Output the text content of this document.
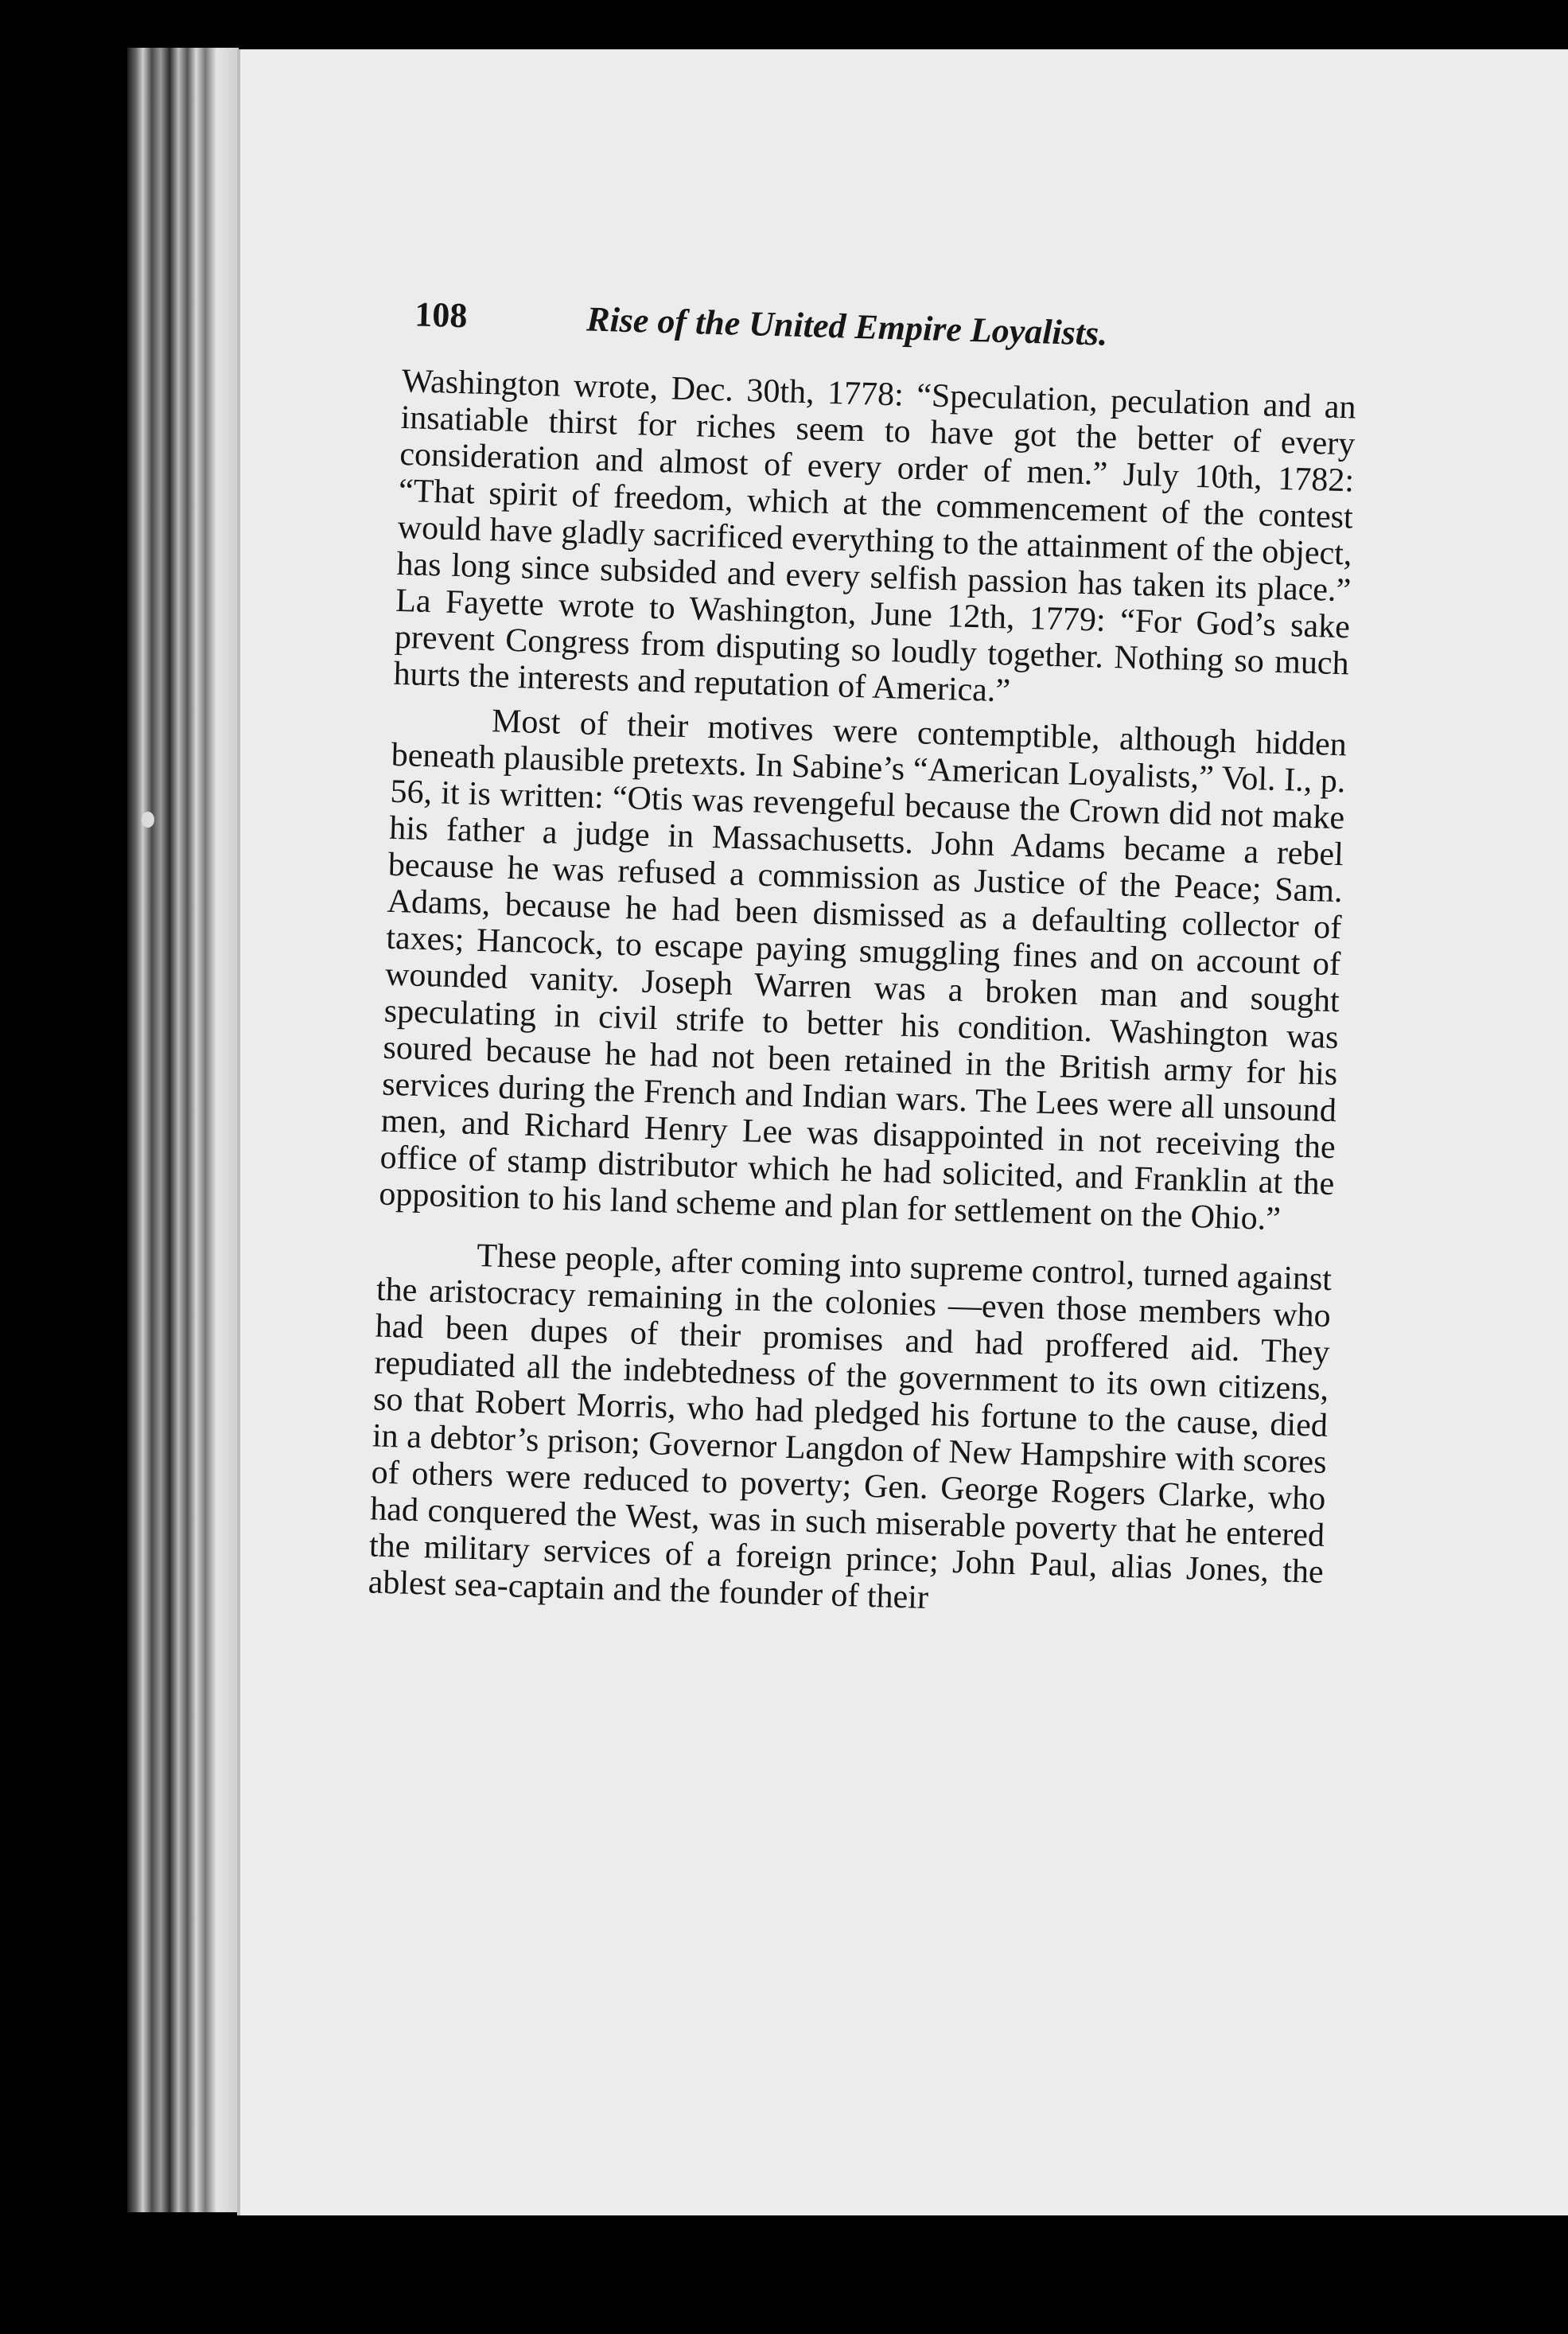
108	Rise of the United Empire Loyalists.

Washington wrote, Dec. 30th, 1778: “Speculation, peculation and an insatiable thirst for riches seem to have got the better of every consideration and almost of every order of men.” July 10th, 1782: “That spirit of freedom, which at the commencement of the contest would have gladly sacrificed everything to the attainment of the object, has long since subsided and every selfish passion has taken its place.” La Fayette wrote to Washington, June 12th, 1779: “For God’s sake prevent Congress from disputing so loudly together. Nothing so much hurts the interests and reputation of America.”

Most of their motives were contemptible, although hidden beneath plausible pretexts. In Sabine’s “American Loyalists,” Vol. I., p. 56, it is written: “Otis was revengeful because the Crown did not make his father a judge in Massachusetts. John Adams became a rebel because he was refused a commission as Justice of the Peace; Sam. Adams, because he had been dismissed as a defaulting collector of taxes; Hancock, to escape paying smuggling fines and on account of wounded vanity. Joseph Warren was a broken man and sought speculating in civil strife to better his condition. Washington was soured because he had not been retained in the British army for his services during the French and Indian wars. The Lees were all unsound men, and Richard Henry Lee was disappointed in not receiving the office of stamp distributor which he had solicited, and Franklin at the opposition to his land scheme and plan for settlement on the Ohio.”

These people, after coming into supreme control, turned against the aristocracy remaining in the colonies —even those members who had been dupes of their promises and had proffered aid. They repudiated all the indebtedness of the government to its own citizens, so that Robert Morris, who had pledged his fortune to the cause, died in a debtor’s prison; Governor Langdon of New Hampshire with scores of others were reduced to poverty; Gen. George Rogers Clarke, who had conquered the West, was in such miserable poverty that he entered the military services of a foreign prince; John Paul, alias Jones, the ablest sea-captain and the founder of their
